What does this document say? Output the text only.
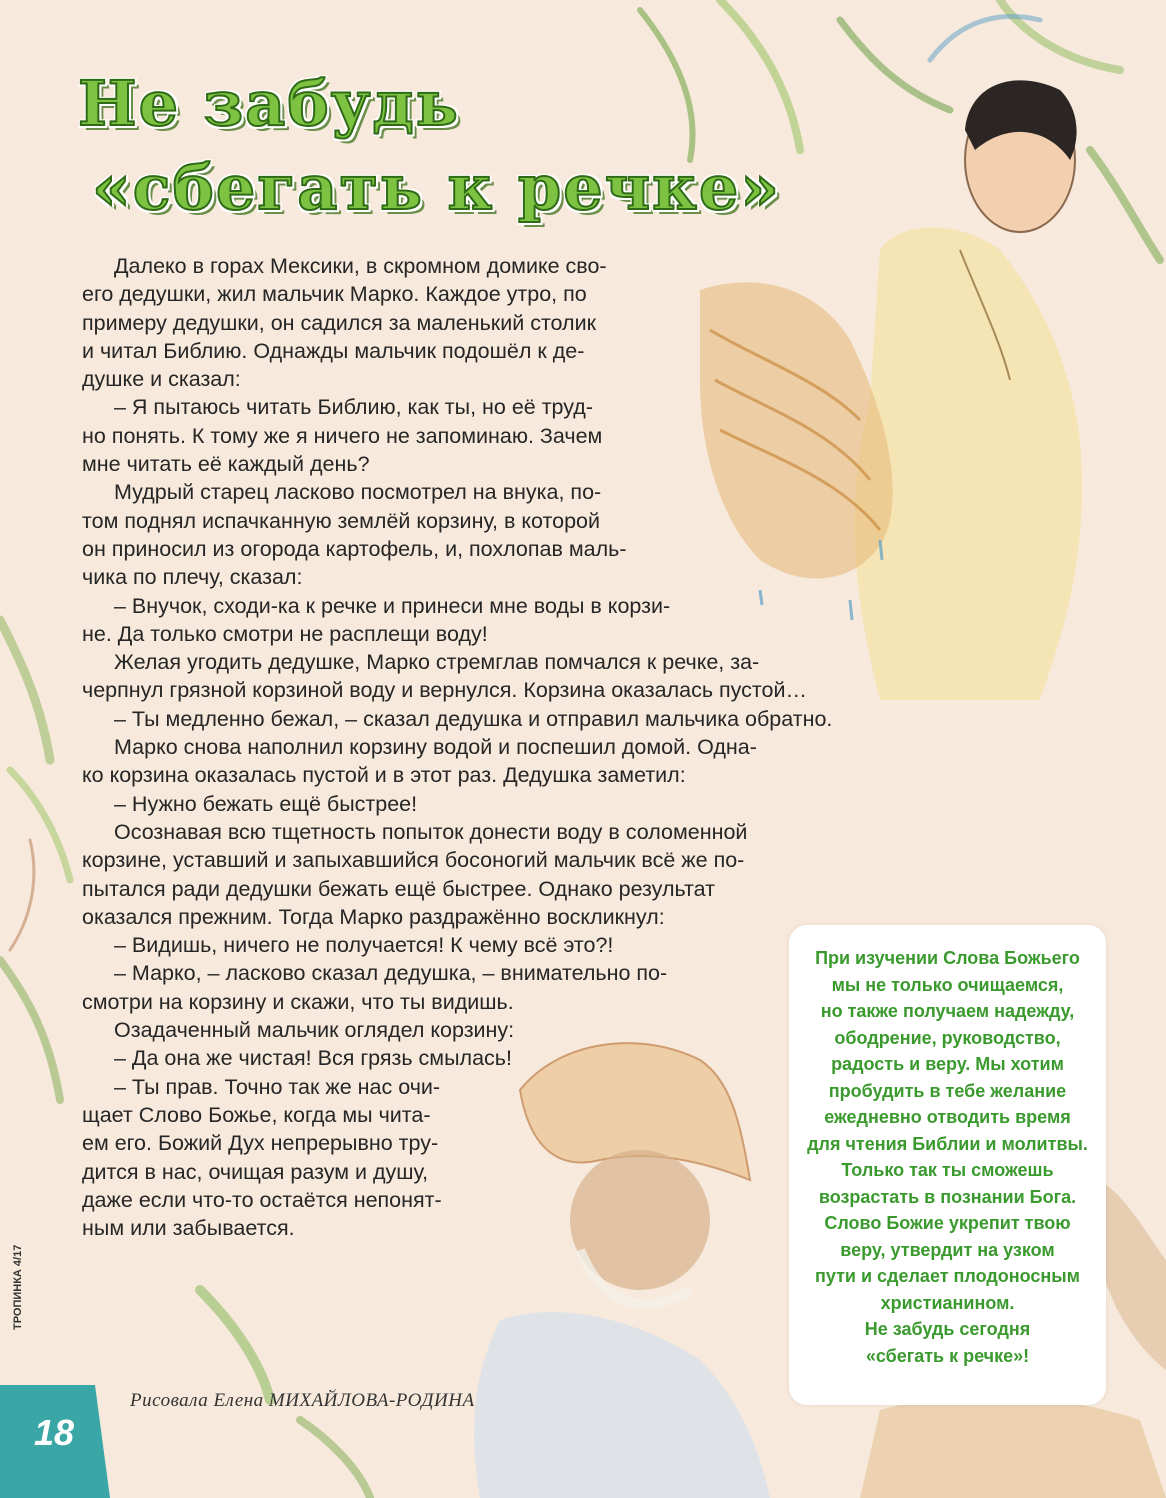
Не забудь
«сбегать к речке»

Далеко в горах Мексики, в скромном домике сво-

его дедушки, жил мальчик Марко. Каждое утро, по

примеру дедушки, он садился за маленький столик

и читал Библию. Однажды мальчик подошёл к де-

душке и сказал:

– Я пытаюсь читать Библию, как ты, но её труд-

но понять. К тому же я ничего не запоминаю. Зачем

мне читать её каждый день?

Мудрый старец ласково посмотрел на внука, по-

том поднял испачканную землёй корзину, в которой

он приносил из огорода картофель, и, похлопав маль-

чика по плечу, сказал:

– Внучок, сходи-ка к речке и принеси мне воды в корзи-

не. Да только смотри не расплещи воду!

Желая угодить дедушке, Марко стремглав помчался к речке, за-

черпнул грязной корзиной воду и вернулся. Корзина оказалась пустой…

– Ты медленно бежал, – сказал дедушка и отправил мальчика обратно.

Марко снова наполнил корзину водой и поспешил домой. Одна-

ко корзина оказалась пустой и в этот раз. Дедушка заметил:

– Нужно бежать ещё быстрее!

Осознавая всю тщетность попыток донести воду в соломенной

корзине, уставший и запыхавшийся босоногий мальчик всё же по-

пытался ради дедушки бежать ещё быстрее. Однако результат

оказался прежним. Тогда Марко раздражённо воскликнул:

– Видишь, ничего не получается! К чему всё это?!

– Марко, – ласково сказал дедушка, – внимательно по-

смотри на корзину и скажи, что ты видишь.

Озадаченный мальчик оглядел корзину:

– Да она же чистая! Вся грязь смылась!

– Ты прав. Точно так же нас очи-

щает Слово Божье, когда мы чита-

ем его. Божий Дух непрерывно тру-

дится в нас, очищая разум и душу,

даже если что-то остаётся непонят-

ным или забывается.

При изучении Слова Божьего
мы не только очищаемся,
но также получаем надежду,
ободрение, руководство,
радость и веру. Мы хотим
пробудить в тебе желание
ежедневно отводить время
для чтения Библии и молитвы.
Только так ты сможешь
возрастать в познании Бога.
Слово Божие укрепит твою
веру, утвердит на узком
пути и сделает плодоносным
христианином.
Не забудь сегодня
«сбегать к речке»!
Рисовала Елена МИХАЙЛОВА-РОДИНА
ТРОПИНКА 4/17
18
